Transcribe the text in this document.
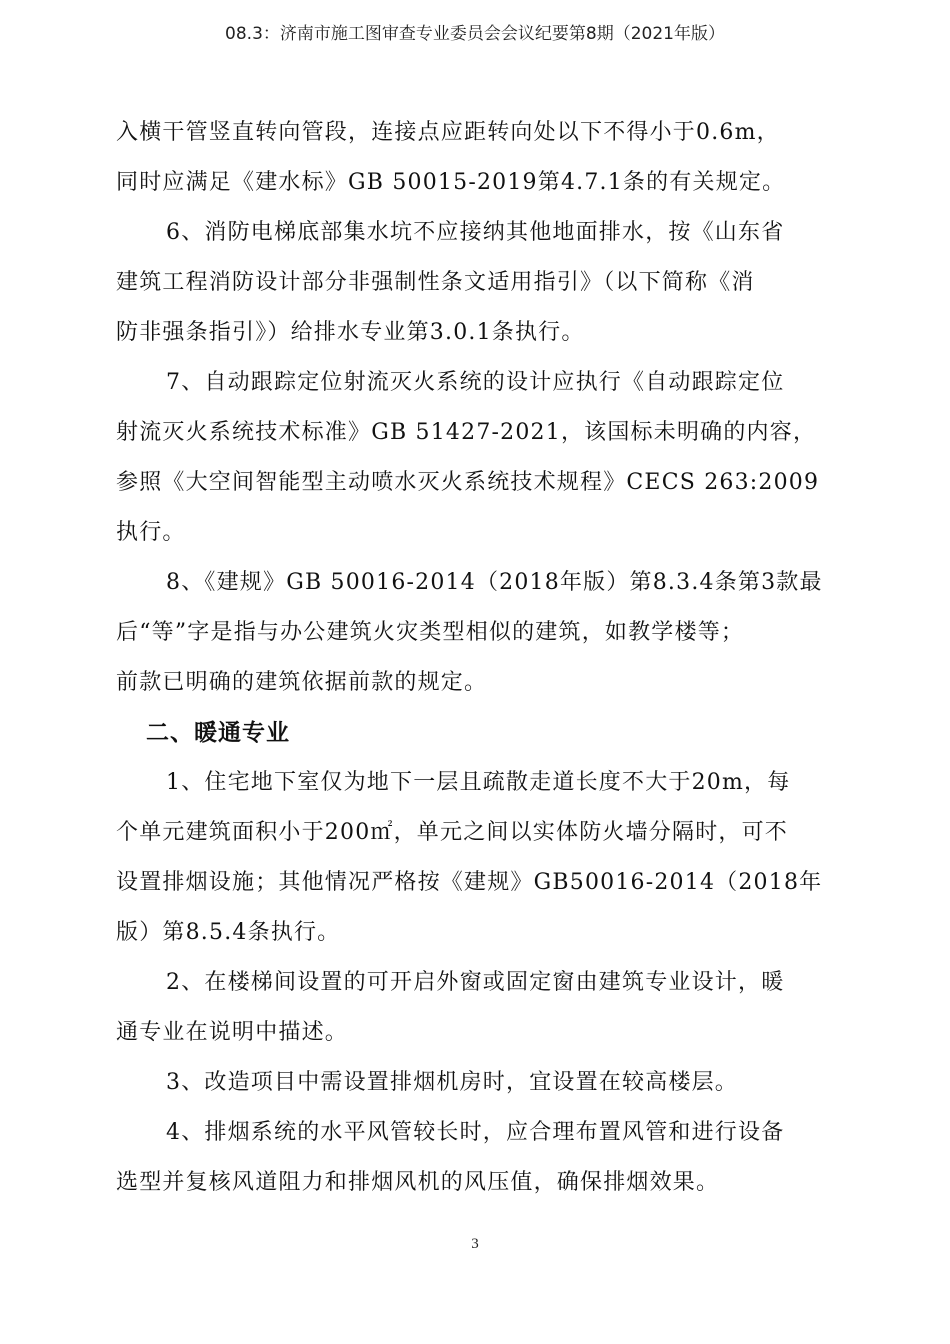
08.3：济南市施工图审查专业委员会会议纪要第8期（2021年版）
入横干管竖直转向管段，连接点应距转向处以下不得小于0.6m，
同时应满足《建水标》GB 50015-2019第4.7.1条的有关规定。
6、消防电梯底部集水坑不应接纳其他地面排水，按《山东省
建筑工程消防设计部分非强制性条文适用指引》（以下简称《消
防非强条指引》）给排水专业第3.0.1条执行。
7、自动跟踪定位射流灭火系统的设计应执行《自动跟踪定位
射流灭火系统技术标准》GB 51427-2021，该国标未明确的内容，
参照《大空间智能型主动喷水灭火系统技术规程》CECS 263:2009
执行。
8、《建规》GB 50016-2014（2018年版）第8.3.4条第3款最
后“等”字是指与办公建筑火灾类型相似的建筑，如教学楼等；
前款已明确的建筑依据前款的规定。
二、暖通专业
1、住宅地下室仅为地下一层且疏散走道长度不大于20m，每
个单元建筑面积小于200㎡，单元之间以实体防火墙分隔时，可不
设置排烟设施；其他情况严格按《建规》GB50016-2014（2018年
版）第8.5.4条执行。
2、在楼梯间设置的可开启外窗或固定窗由建筑专业设计，暖
通专业在说明中描述。
3、改造项目中需设置排烟机房时，宜设置在较高楼层。
4、排烟系统的水平风管较长时，应合理布置风管和进行设备
选型并复核风道阻力和排烟风机的风压值，确保排烟效果。
3
